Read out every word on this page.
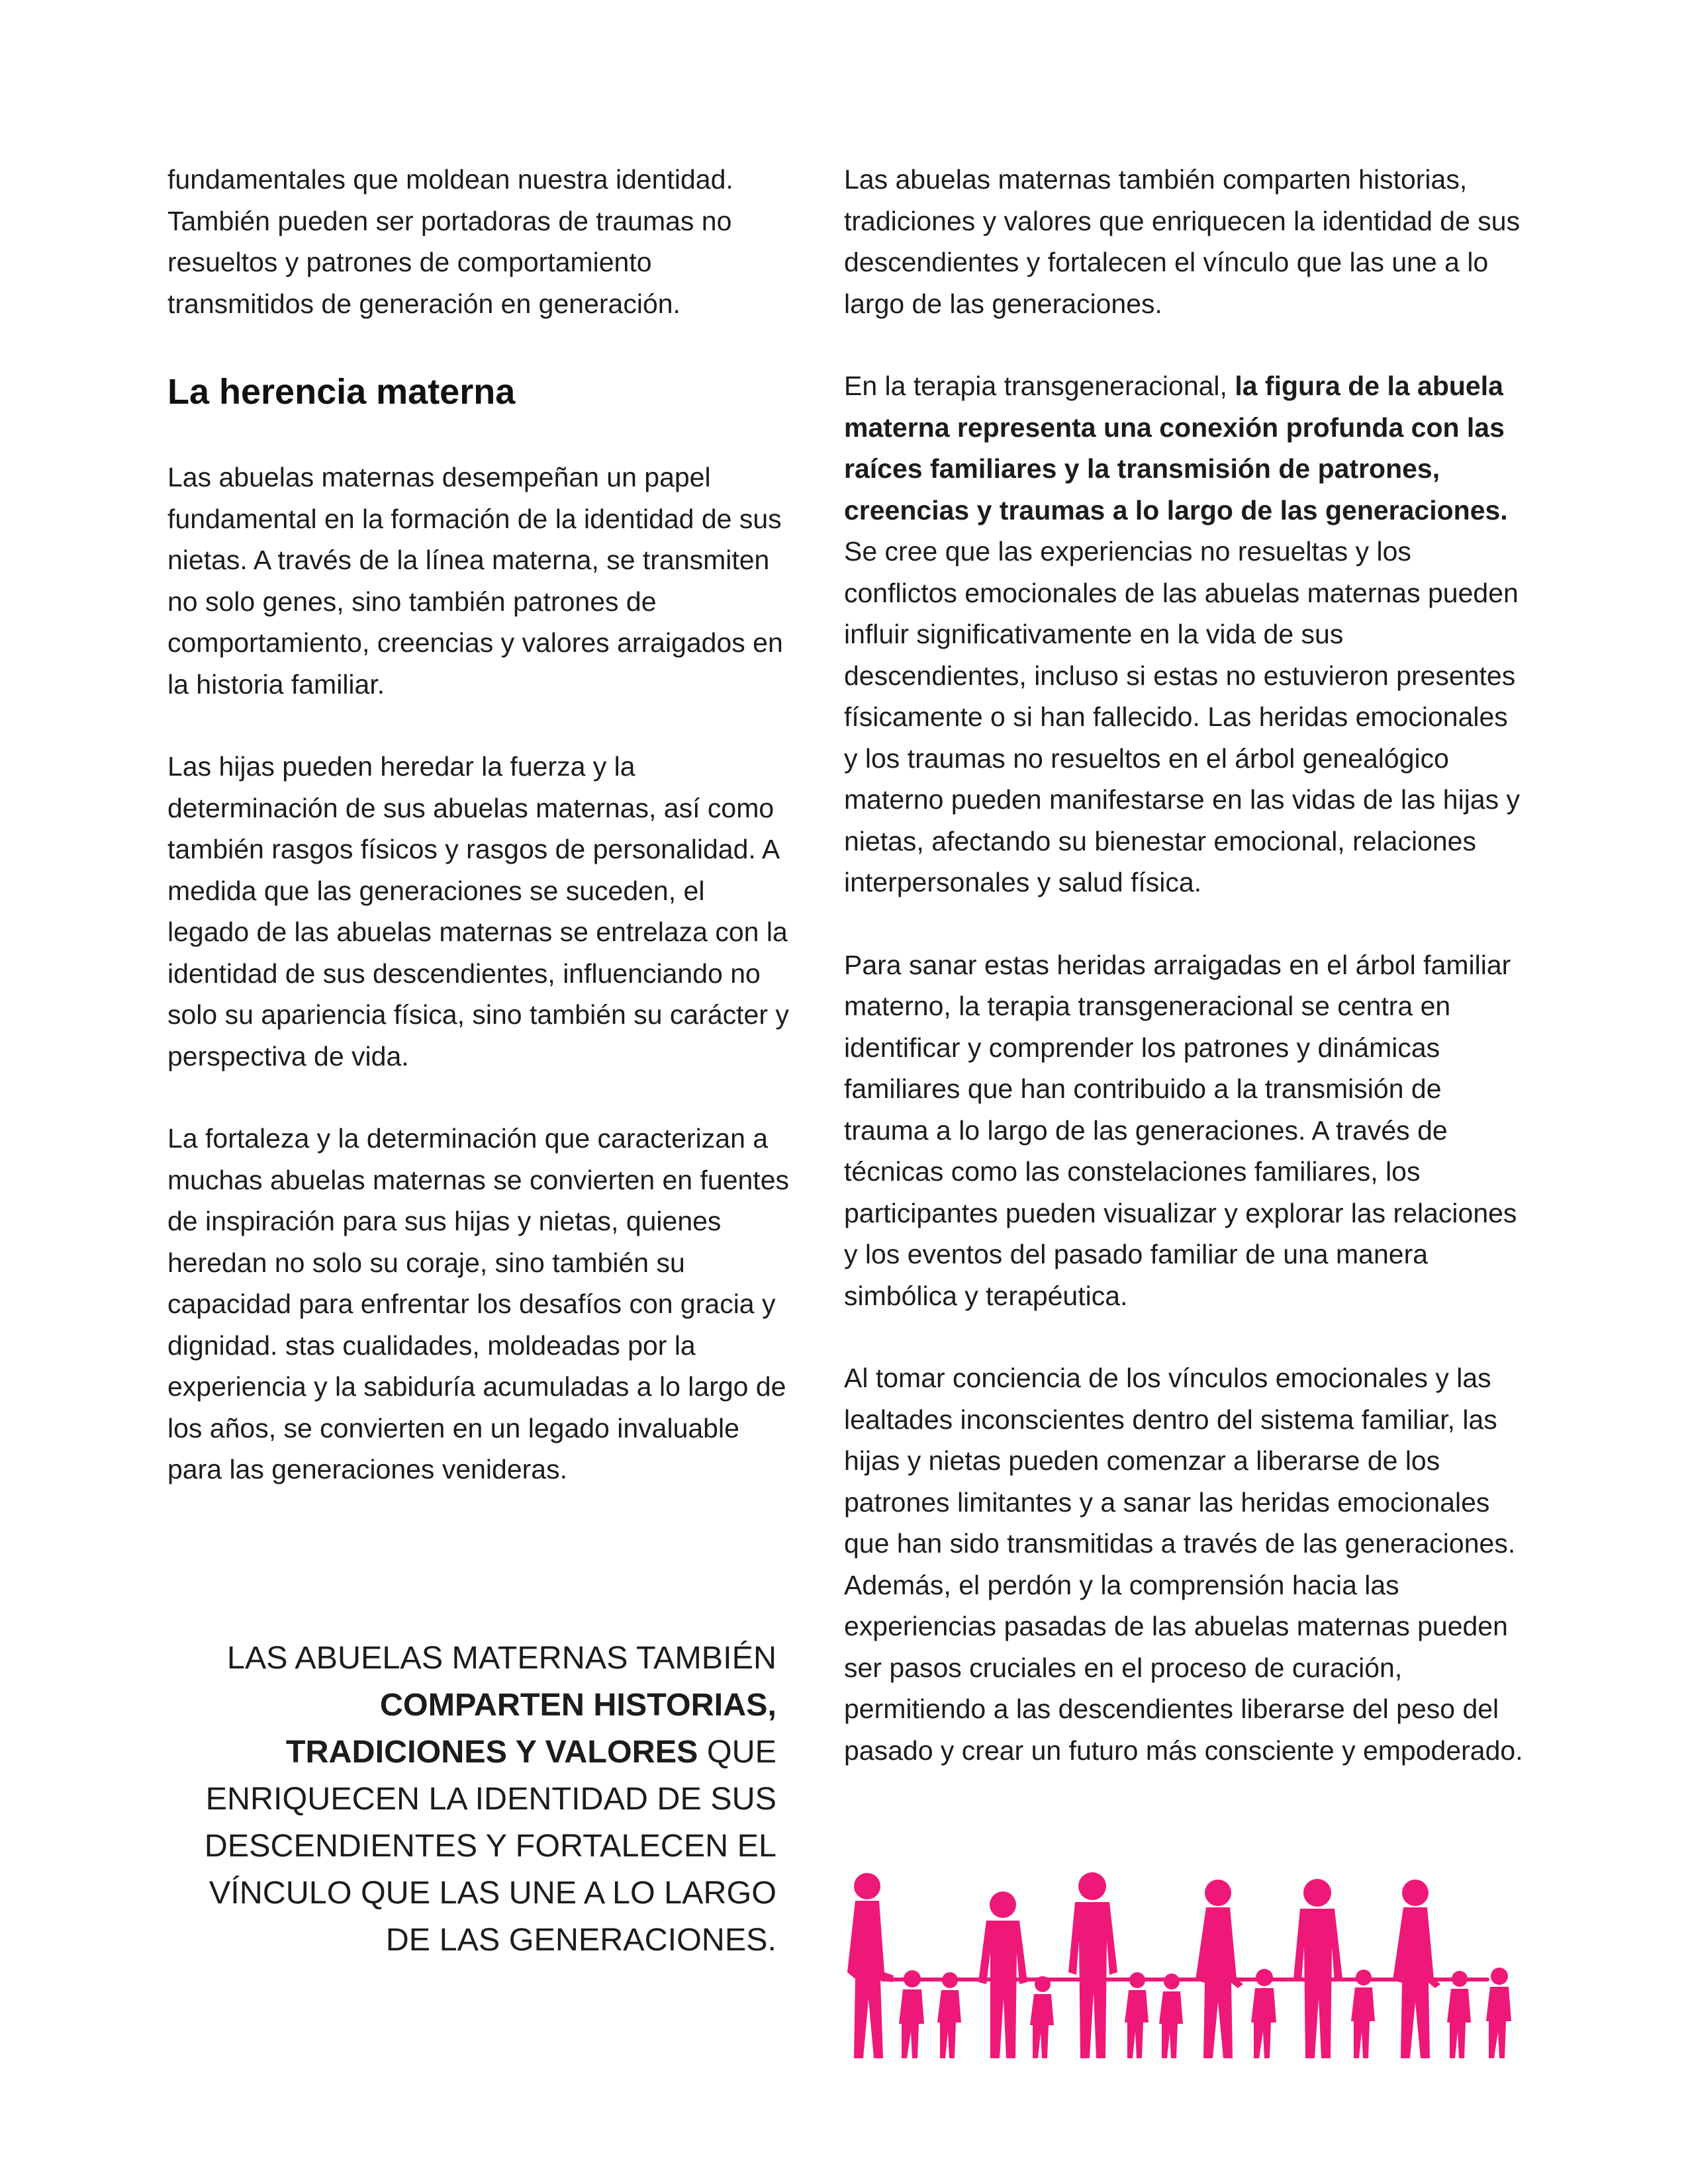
fundamentales que moldean nuestra identidad. También pueden ser portadoras de traumas no resueltos y patrones de comportamiento transmitidos de generación en generación.

La herencia materna

Las abuelas maternas desempeñan un papel fundamental en la formación de la identidad de sus nietas. A través de la línea materna, se transmiten no solo genes, sino también patrones de comportamiento, creencias y valores arraigados en la historia familiar.

Las hijas pueden heredar la fuerza y la determinación de sus abuelas maternas, así como también rasgos físicos y rasgos de personalidad. A medida que las generaciones se suceden, el legado de las abuelas maternas se entrelaza con la identidad de sus descendientes, influenciando no solo su apariencia física, sino también su carácter y perspectiva de vida.

La fortaleza y la determinación que caracterizan a muchas abuelas maternas se convierten en fuentes de inspiración para sus hijas y nietas, quienes heredan no solo su coraje, sino también su capacidad para enfrentar los desafíos con gracia y dignidad. stas cualidades, moldeadas por la experiencia y la sabiduría acumuladas a lo largo de los años, se convierten en un legado invaluable para las generaciones venideras.

LAS ABUELAS MATERNAS TAMBIÉN COMPARTEN HISTORIAS, TRADICIONES Y VALORES QUE ENRIQUECEN LA IDENTIDAD DE SUS DESCENDIENTES Y FORTALECEN EL VÍNCULO QUE LAS UNE A LO LARGO DE LAS GENERACIONES.

Las abuelas maternas también comparten historias, tradiciones y valores que enriquecen la identidad de sus descendientes y fortalecen el vínculo que las une a lo largo de las generaciones.

En la terapia transgeneracional, la figura de la abuela materna representa una conexión profunda con las raíces familiares y la transmisión de patrones, creencias y traumas a lo largo de las generaciones. Se cree que las experiencias no resueltas y los conflictos emocionales de las abuelas maternas pueden influir significativamente en la vida de sus descendientes, incluso si estas no estuvieron presentes físicamente o si han fallecido. Las heridas emocionales y los traumas no resueltos en el árbol genealógico materno pueden manifestarse en las vidas de las hijas y nietas, afectando su bienestar emocional, relaciones interpersonales y salud física.

Para sanar estas heridas arraigadas en el árbol familiar materno, la terapia transgeneracional se centra en identificar y comprender los patrones y dinámicas familiares que han contribuido a la transmisión de trauma a lo largo de las generaciones. A través de técnicas como las constelaciones familiares, los participantes pueden visualizar y explorar las relaciones y los eventos del pasado familiar de una manera simbólica y terapéutica.

Al tomar conciencia de los vínculos emocionales y las lealtades inconscientes dentro del sistema familiar, las hijas y nietas pueden comenzar a liberarse de los patrones limitantes y a sanar las heridas emocionales que han sido transmitidas a través de las generaciones. Además, el perdón y la comprensión hacia las experiencias pasadas de las abuelas maternas pueden ser pasos cruciales en el proceso de curación, permitiendo a las descendientes liberarse del peso del pasado y crear un futuro más consciente y empoderado.
